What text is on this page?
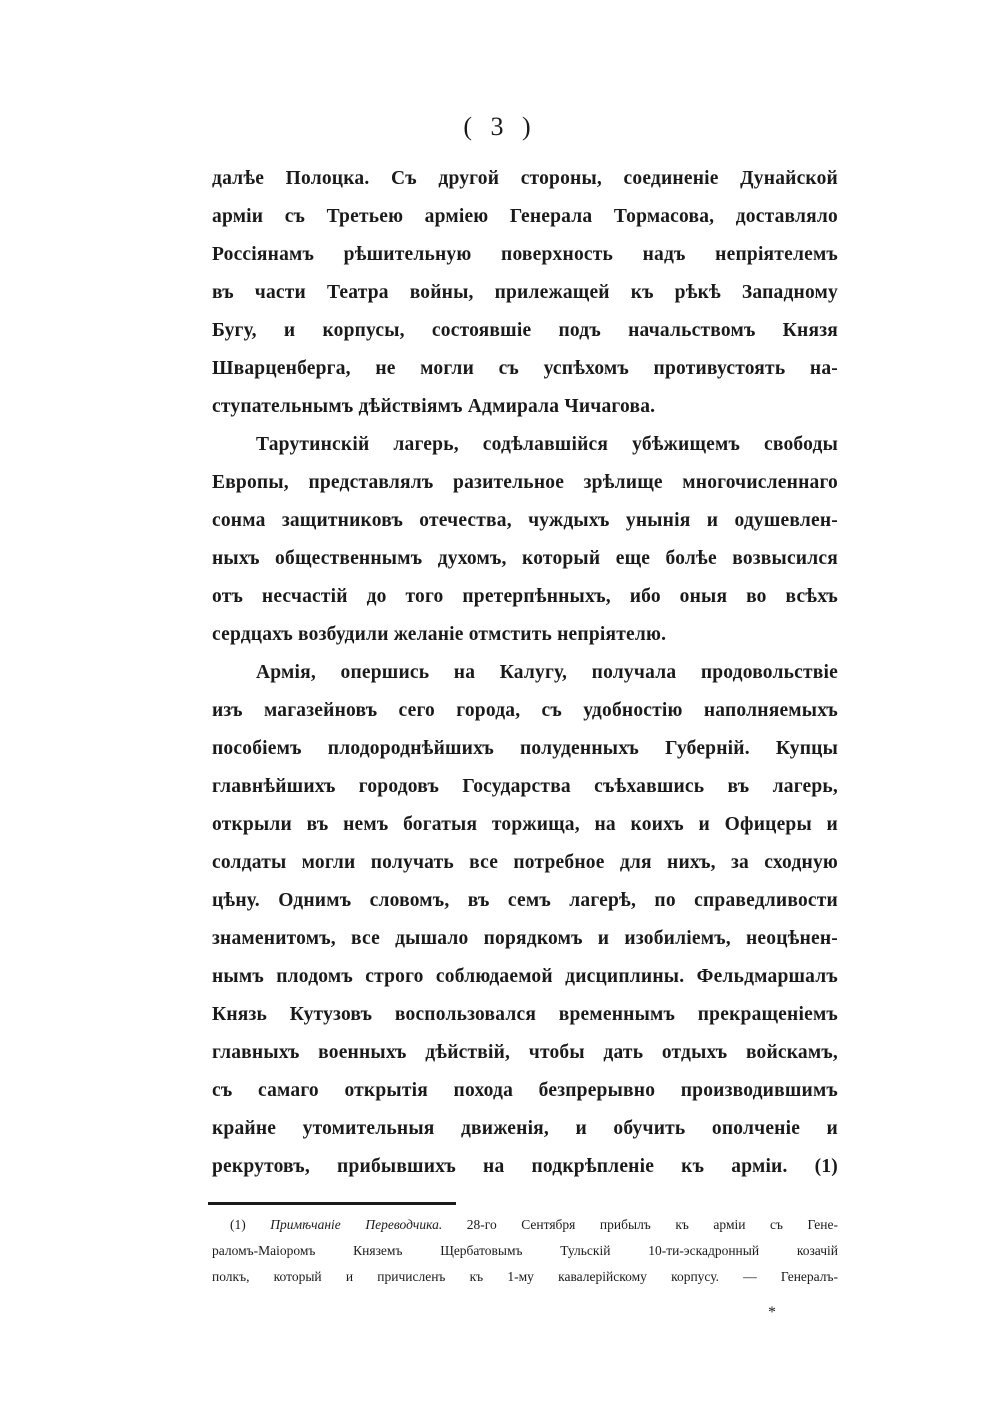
( 3 )
далѣе Полоцка. Съ другой стороны, соединеніе Дунайской
арміи съ Третьею арміею Генерала Тормасова, доставляло
Россіянамъ рѣшительную поверхность надъ непріятелемъ
въ части Театра войны, прилежащей къ рѣкѣ Западному
Бугу, и корпусы, состоявшіе подъ начальствомъ Князя
Шварценберга, не могли съ успѣхомъ противустоять на-
ступательнымъ дѣйствіямъ Адмирала Чичагова.
Тарутинскій лагерь, содѣлавшійся убѣжищемъ свободы
Европы, представлялъ разительное зрѣлище многочисленнаго
сонма защитниковъ отечества, чуждыхъ унынія и одушевлен-
ныхъ общественнымъ духомъ, который еще болѣе возвысился
отъ несчастій до того претерпѣнныхъ, ибо оныя во всѣхъ
сердцахъ возбудили желаніе отмстить непріятелю.
Армія, опершись на Калугу, получала продовольствіе
изъ магазейновъ сего города, съ удобностію наполняемыхъ
пособіемъ плодороднѣйшихъ полуденныхъ Губерній. Купцы
главнѣйшихъ городовъ Государства съѣхавшись въ лагерь,
открыли въ немъ богатыя торжища, на коихъ и Офицеры и
солдаты могли получать все потребное для нихъ, за сходную
цѣну. Однимъ словомъ, въ семъ лагерѣ, по справедливости
знаменитомъ, все дышало порядкомъ и изобиліемъ, неоцѣнен-
нымъ плодомъ строго соблюдаемой дисциплины. Фельдмаршалъ
Князь Кутузовъ воспользовался временнымъ прекращеніемъ
главныхъ военныхъ дѣйствій, чтобы дать отдыхъ войскамъ,
съ самаго открытія похода безпрерывно производившимъ
крайне утомительныя движенія, и обучить ополченіе и
рекрутовъ, прибывшихъ на подкрѣпленіе къ арміи. (1)
(1) Примѣчаніе Переводчика. 28-го Сентября прибылъ къ арміи съ Гене-
раломъ-Маіоромъ Княземъ Щербатовымъ Тульскій 10-ти-эскадронный козачій
полкъ, который и причисленъ къ 1-му кавалерійскому корпусу. — Генералъ-
*
